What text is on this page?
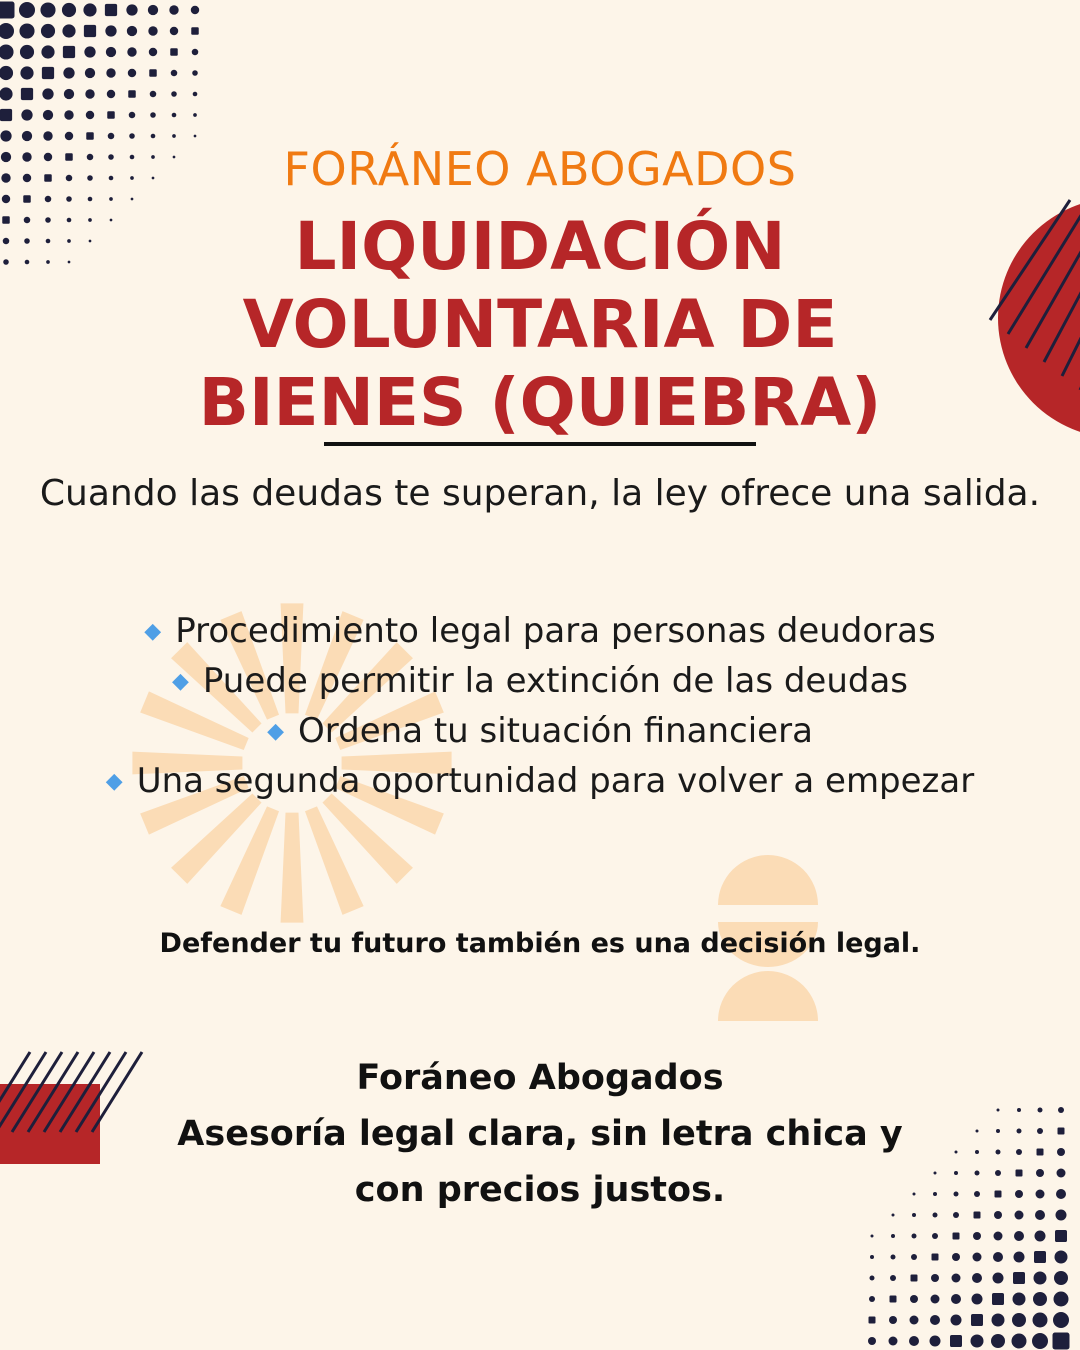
FORÁNEO ABOGADOS
LIQUIDACIÓN
VOLUNTARIA DE
BIENES (QUIEBRA)
Cuando las deudas te superan, la ley ofrece una salida.
◆ Procedimiento legal para personas deudoras
◆ Puede permitir la extinción de las deudas
◆ Ordena tu situación financiera
◆ Una segunda oportunidad para volver a empezar
Defender tu futuro también es una decisión legal.
Foráneo Abogados
Asesoría legal clara, sin letra chica y
con precios justos.
